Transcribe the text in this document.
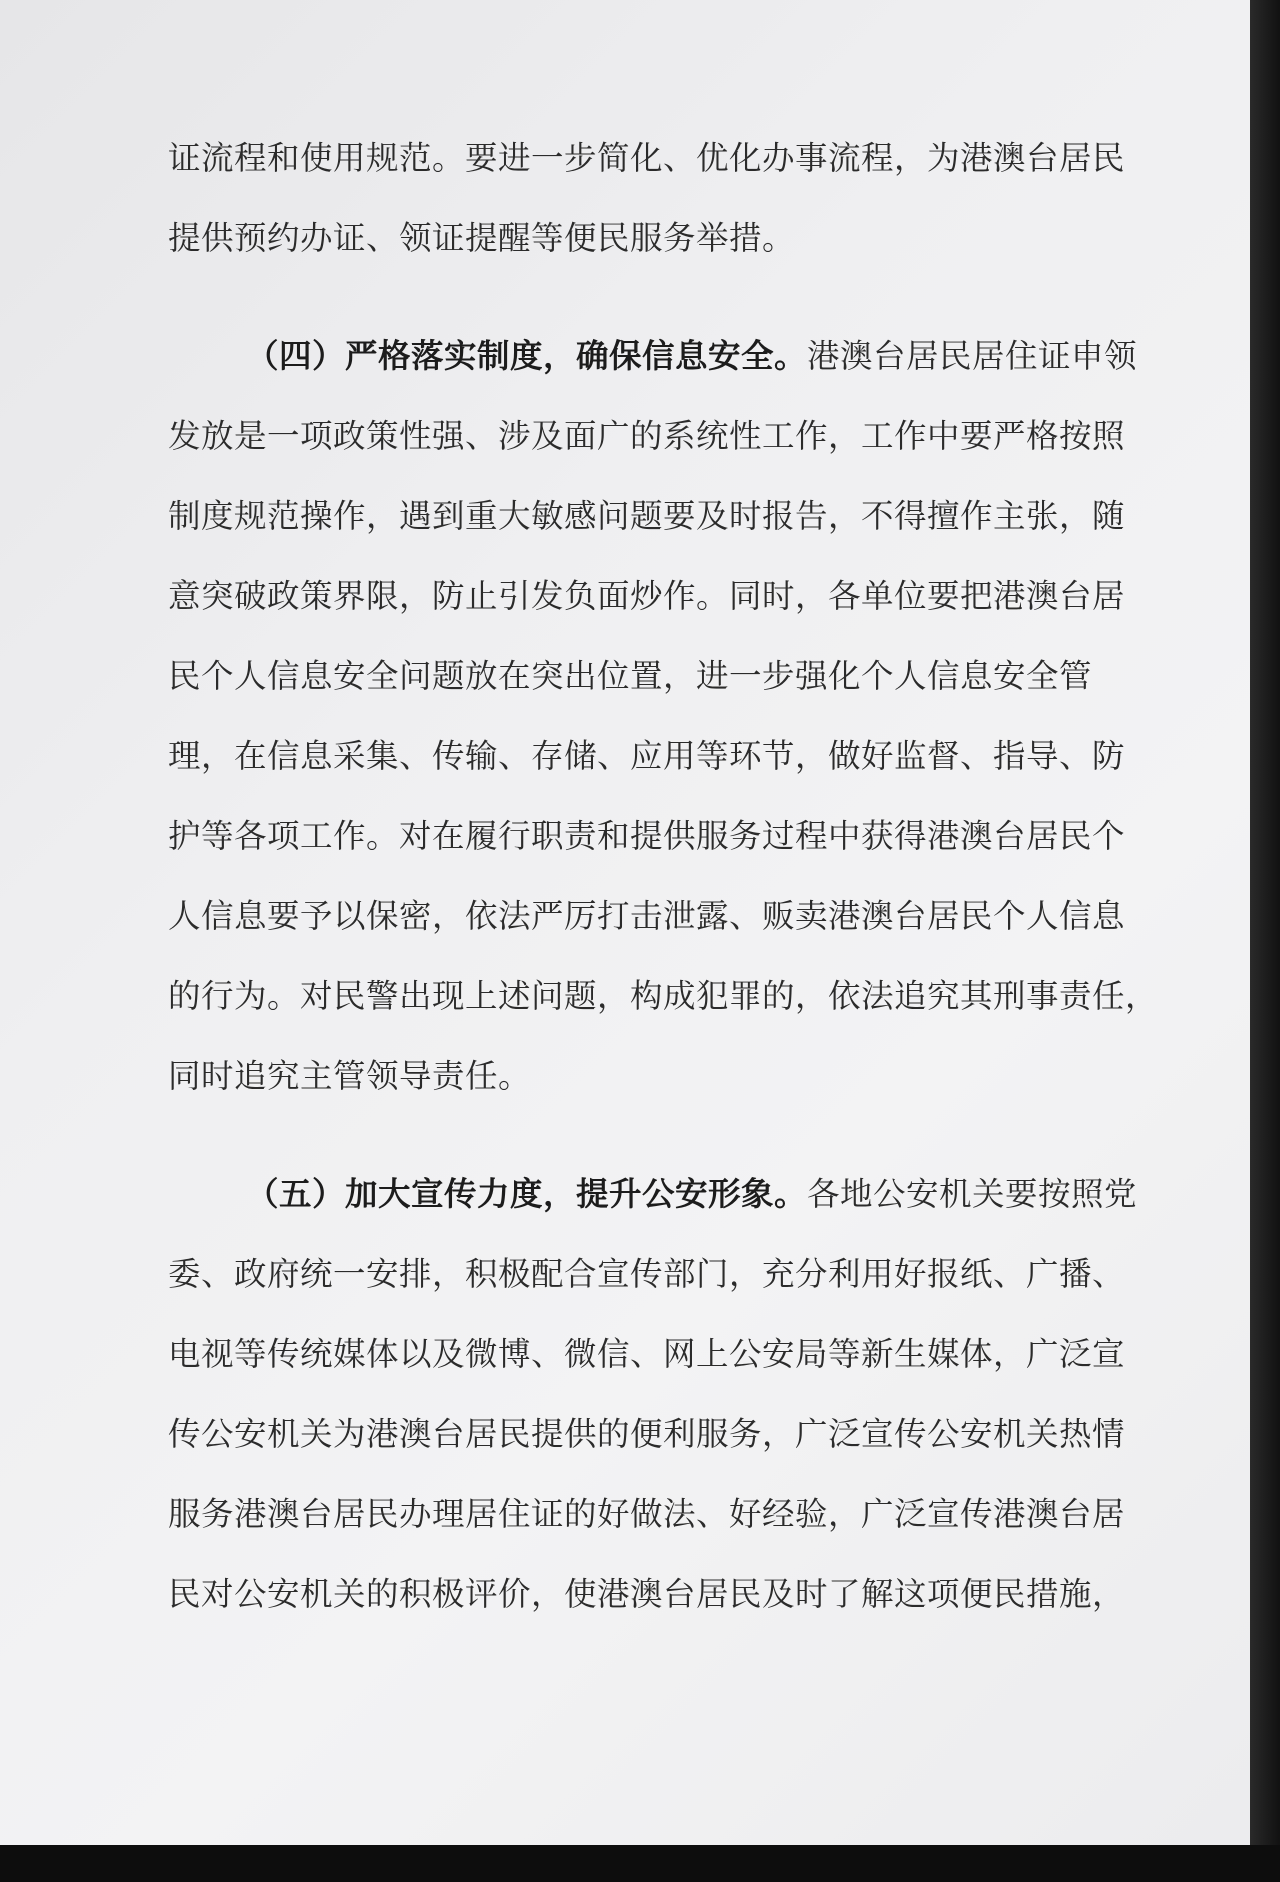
证流程和使用规范。要进一步简化、优化办事流程，为港澳台居民
提供预约办证、领证提醒等便民服务举措。
（四）严格落实制度，确保信息安全。港澳台居民居住证申领
发放是一项政策性强、涉及面广的系统性工作，工作中要严格按照
制度规范操作，遇到重大敏感问题要及时报告，不得擅作主张，随
意突破政策界限，防止引发负面炒作。同时，各单位要把港澳台居
民个人信息安全问题放在突出位置，进一步强化个人信息安全管
理，在信息采集、传输、存储、应用等环节，做好监督、指导、防
护等各项工作。对在履行职责和提供服务过程中获得港澳台居民个
人信息要予以保密，依法严厉打击泄露、贩卖港澳台居民个人信息
的行为。对民警出现上述问题，构成犯罪的，依法追究其刑事责任，
同时追究主管领导责任。
（五）加大宣传力度，提升公安形象。各地公安机关要按照党
委、政府统一安排，积极配合宣传部门，充分利用好报纸、广播、
电视等传统媒体以及微博、微信、网上公安局等新生媒体，广泛宣
传公安机关为港澳台居民提供的便利服务，广泛宣传公安机关热情
服务港澳台居民办理居住证的好做法、好经验，广泛宣传港澳台居
民对公安机关的积极评价，使港澳台居民及时了解这项便民措施，
